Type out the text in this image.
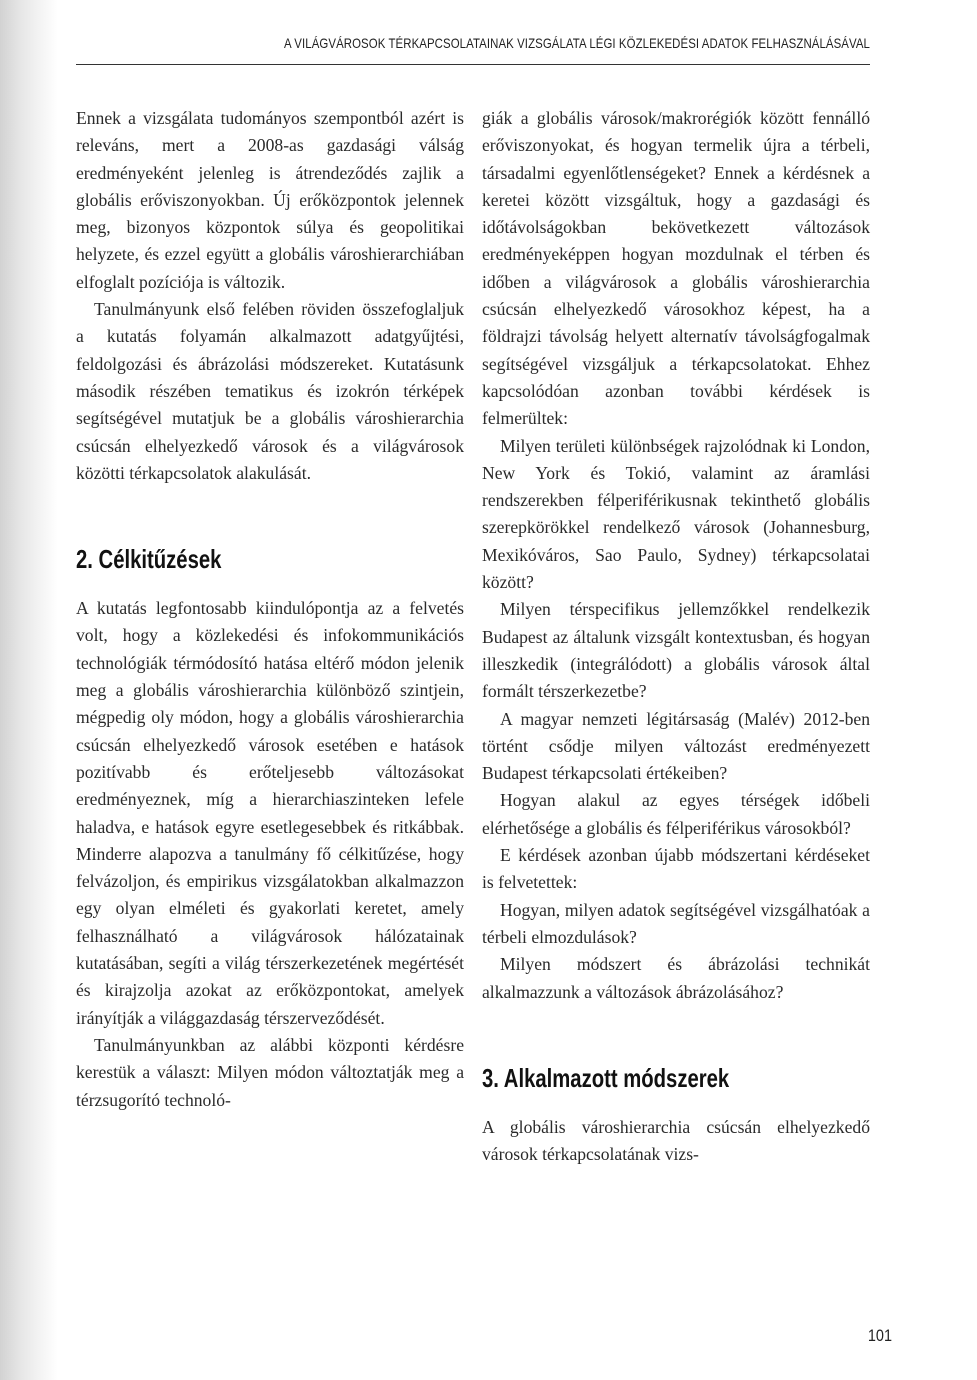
A VILÁGVÁROSOK TÉRKAPCSOLATAINAK VIZSGÁLATA LÉGI KÖZLEKEDÉSI ADATOK FELHASZNÁLÁSÁVAL

Ennek a vizsgálata tudományos szempontból azért is releváns, mert a 2008-as gazdasági válság eredményeként jelenleg is átrendeződés zajlik a globális erőviszonyokban. Új erőközpontok jelennek meg, bizonyos központok súlya és geopolitikai helyzete, és ezzel együtt a globális városhierarchiában elfoglalt pozíciója is változik.

Tanulmányunk első felében röviden összefoglaljuk a kutatás folyamán alkalmazott adatgyűjtési, feldolgozási és ábrázolási módszereket. Kutatásunk második részében tematikus és izokrón térképek segítségével mutatjuk be a globális városhierarchia csúcsán elhelyezkedő városok és a világvárosok közötti térkapcsolatok alakulását.

2. Célkitűzések

A kutatás legfontosabb kiindulópontja az a felvetés volt, hogy a közlekedési és infokommunikációs technológiák térmódosító hatása eltérő módon jelenik meg a globális városhierarchia különböző szintjein, mégpedig oly módon, hogy a globális városhierarchia csúcsán elhelyezkedő városok esetében e hatások pozitívabb és erőteljesebb változásokat eredményeznek, míg a hierarchiaszinteken lefele haladva, e hatások egyre esetlegesebbek és ritkábbak. Minderre alapozva a tanulmány fő célkitűzése, hogy felvázoljon, és empirikus vizsgálatokban alkalmazzon egy olyan elméleti és gyakorlati keretet, amely felhasználható a világvárosok hálózatainak kutatásában, segíti a világ térszerkezetének megértését és kirajzolja azokat az erőközpontokat, amelyek irányítják a világgazdaság térszerveződését.

Tanulmányunkban az alábbi központi kérdésre kerestük a választ: Milyen módon változtatják meg a térzsugorító technoló-

giák a globális városok/makrorégiók között fennálló erőviszonyokat, és hogyan termelik újra a térbeli, társadalmi egyenlőtlenségeket? Ennek a kérdésnek a keretei között vizsgáltuk, hogy a gazdasági és időtávolságokban bekövetkezett változások eredményeképpen hogyan mozdulnak el térben és időben a világvárosok a globális városhierarchia csúcsán elhelyezkedő városokhoz képest, ha a földrajzi távolság helyett alternatív távolságfogalmak segítségével vizsgáljuk a térkapcsolatokat. Ehhez kapcsolódóan azonban további kérdések is felmerültek:

Milyen területi különbségek rajzolódnak ki London, New York és Tokió, valamint az áramlási rendszerekben félperiférikusnak tekinthető globális szerepkörökkel rendelkező városok (Johannesburg, Mexikóváros, Sao Paulo, Sydney) térkapcsolatai között?

Milyen térspecifikus jellemzőkkel rendelkezik Budapest az általunk vizsgált kontextusban, és hogyan illeszkedik (integrálódott) a globális városok által formált térszerkezetbe?

A magyar nemzeti légitársaság (Malév) 2012-ben történt csődje milyen változást eredményezett Budapest térkapcsolati értékeiben?

Hogyan alakul az egyes térségek időbeli elérhetősége a globális és félperiférikus városokból?

E kérdések azonban újabb módszertani kérdéseket is felvetettek:

Hogyan, milyen adatok segítségével vizsgálhatóak a térbeli elmozdulások?

Milyen módszert és ábrázolási technikát alkalmazzunk a változások ábrázolásához?

3. Alkalmazott módszerek

A globális városhierarchia csúcsán elhelyezkedő városok térkapcsolatának vizs-

101
